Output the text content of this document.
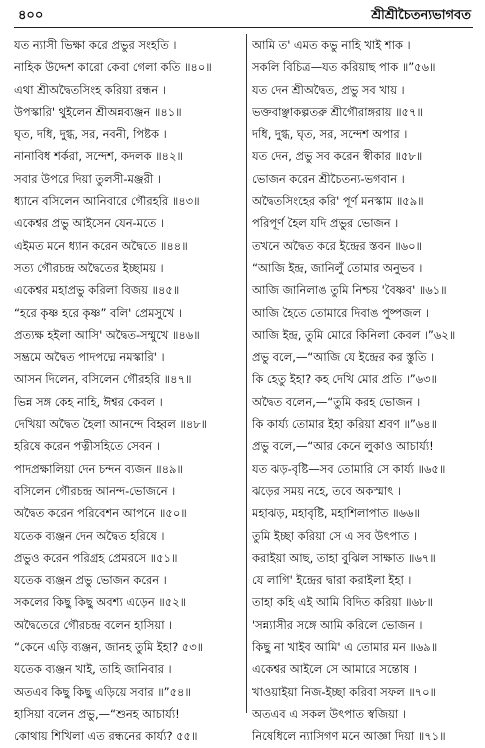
৪০০	শ্রীশ্রীচৈতন্যভাগবত
যত ন্যাসী ভিক্ষা করে প্রভুর সংহতি ।
নাহিক উদ্দেশ কারো কেবা গেলা কতি ॥৪০॥
এথা শ্রীঅদ্বৈতসিংহ করিয়া রন্ধন ।
উপস্কারি' থুইলেন শ্রীঅন্নব্যঞ্জন ॥৪১॥
ঘৃত, দধি, দুগ্ধ, সর, নবনী, পিষ্টক ।
নানাবিধ শর্করা, সন্দেশ, কদলক ॥৪২॥
সবার উপরে দিয়া তুলসী-মঞ্জরী ।
ধ্যানে বসিলেন আনিবারে গৌরহরি ॥৪৩॥
একেশ্বর প্রভু আইসেন যেন-মতে ।
এইমত মনে ধ্যান করেন অদ্বৈতে ॥৪৪॥
সত্য গৌরচন্দ্র অদ্বৈতের ইচ্ছাময় ।
একেশ্বর মহাপ্রভু করিলা বিজয় ॥৪৫॥
“হরে কৃষ্ণ হরে কৃষ্ণ” বলি' প্রেমসুখে ।
প্রত্যক্ষ হইলা আসি' অদ্বৈত-সম্মুখে ॥৪৬॥
সম্ভ্রমে অদ্বৈত পাদপদ্মে নমস্কারি' ।
আসন দিলেন, বসিলেন গৌরহরি ॥৪৭॥
ভিন্ন সঙ্গ কেহ নাহি, ঈশ্বর কেবল ।
দেখিয়া অদ্বৈত হৈলা আনন্দে বিহ্বল ॥৪৮॥
হরিষে করেন পত্নীসহিতে সেবন ।
পাদপ্রক্ষালিয়া দেন চন্দন ব্যজন ॥৪৯॥
বসিলেন গৌরচন্দ্র আনন্দ-ভোজনে ।
অদ্বৈত করেন পরিবেশন আপনে ॥৫০॥
যতেক ব্যঞ্জন দেন অদ্বৈত হরিষে ।
প্রভুও করেন পরিগ্রহ প্রেমরসে ॥৫১॥
যতেক ব্যঞ্জন প্রভু ভোজন করেন ।
সকলের কিছু কিছু অবশ্য এড়েন ॥৫২॥
অদ্বৈতেরে গৌরচন্দ্র বলেন হাসিয়া ।
“কেনে এড়ি ব্যঞ্জন, জানহ তুমি ইহা? ৫৩॥
যতেক ব্যঞ্জন খাই, তাহি জানিবার ।
অতএব কিছু কিছু এড়িয়ে সবার ॥”৫৪॥
হাসিয়া বলেন প্রভু,—“শুনহ আচার্য্য!
কোথায় শিখিলা এত রন্ধনের কার্য্য? ৫৫॥
আমি ত' এমত কভু নাহি খাই শাক ।
সকলি বিচিত্র—যত করিয়াছ পাক ॥”৫৬॥
যত দেন শ্রীঅদ্বৈত, প্রভু সব খায় ।
ভক্তবাঞ্ছাকল্পতরু শ্রীগৌরাঙ্গরায় ॥৫৭॥
দধি, দুগ্ধ, ঘৃত, সর, সন্দেশ অপার ।
যত দেন, প্রভু সব করেন স্বীকার ॥৫৮॥
ভোজন করেন শ্রীচৈতন্য-ভগবান ।
অদ্বৈতসিংহের করি' পূর্ণ মনস্কাম ॥৫৯॥
পরিপূর্ণ হৈল যদি প্রভুর ভোজন ।
তখনে অদ্বৈত করে ইন্দ্রের স্তবন ॥৬০॥
“আজি ইন্দ্র, জানিলুঁ তোমার অনুভব ।
আজি জানিলাঙ তুমি নিশ্চয় 'বৈষ্ণব' ॥৬১॥
আজি হৈতে তোমারে দিবাঙ পুষ্পজল ।
আজি ইন্দ্র, তুমি মোরে কিনিলা কেবল ।”৬২॥
প্রভু বলে,—“আজি যে ইন্দ্রের কর স্তুতি ।
কি হেতু ইহা? কহ দেখি মোর প্রতি ।”৬৩॥
অদ্বৈত বলেন,—“তুমি করহ ভোজন ।
কি কার্য্য তোমার ইহা করিয়া শ্রবণ ॥”৬৪॥
প্রভু বলে,—“আর কেনে লুকাও আচার্য্য!
যত ঝড়-বৃষ্টি—সব তোমারি সে কার্য্য ॥৬৫॥
ঝড়ের সময় নহে, তবে অকস্মাৎ ।
মহাঝড়, মহাবৃষ্টি, মহাশিলাপাত ॥৬৬॥
তুমি ইচ্ছা করিয়া সে এ সব উৎপাত ।
করাইয়া আছ, তাহা বুঝিল সাক্ষাত ॥৬৭॥
যে লাগি' ইন্দ্রের দ্বারা করাইলা ইহা ।
তাহা কহি এই আমি বিদিত করিয়া ॥৬৮॥
'সন্ন্যাসীর সঙ্গে আমি করিলে ভোজন ।
কিছু না খাইব আমি' এ তোমার মন ॥৬৯॥
একেশ্বর আইলে সে আমারে সন্তোষ ।
খাওয়াইয়া নিজ-ইচ্ছা করিবা সফল ॥৭০॥
অতএব এ সকল উৎপাত স্বজিয়া ।
নিষেধিলে ন্যাসিগণ মনে আজ্ঞা দিয়া ॥৭১॥
